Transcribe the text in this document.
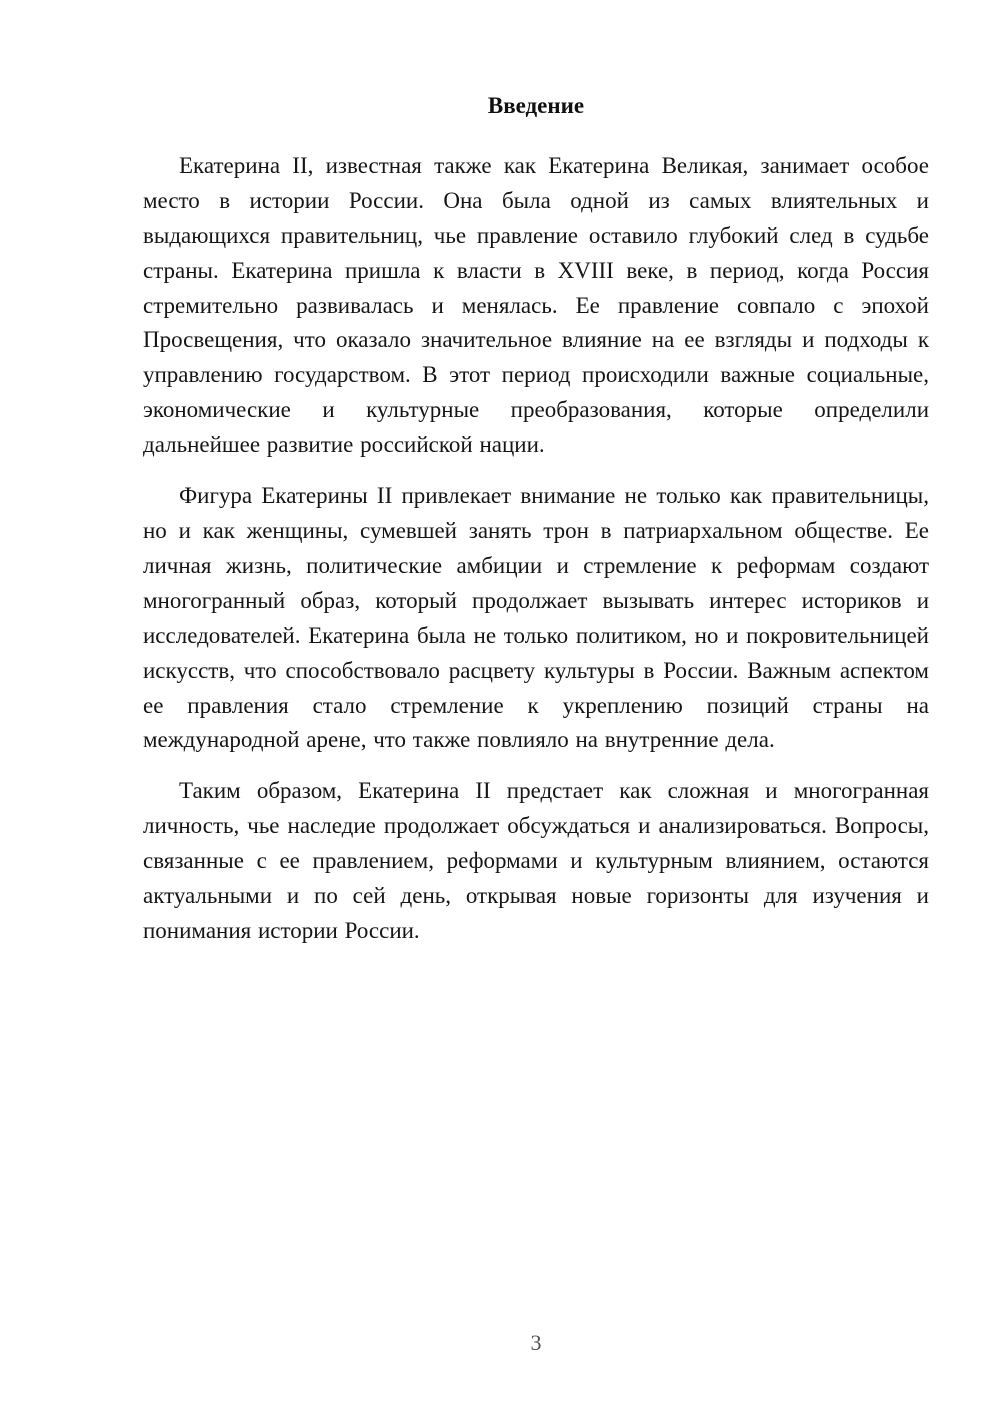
Введение

Екатерина II, известная также как Екатерина Великая, занимает особое место в истории России. Она была одной из самых влиятельных и выдающихся правительниц, чье правление оставило глубокий след в судьбе страны. Екатерина пришла к власти в XVIII веке, в период, когда Россия стремительно развивалась и менялась. Ее правление совпало с эпохой Просвещения, что оказало значительное влияние на ее взгляды и подходы к управлению государством. В этот период происходили важные социальные, экономические и культурные преобразования, которые определили дальнейшее развитие российской нации.

Фигура Екатерины II привлекает внимание не только как правительницы, но и как женщины, сумевшей занять трон в патриархальном обществе. Ее личная жизнь, политические амбиции и стремление к реформам создают многогранный образ, который продолжает вызывать интерес историков и исследователей. Екатерина была не только политиком, но и покровительницей искусств, что способствовало расцвету культуры в России. Важным аспектом ее правления стало стремление к укреплению позиций страны на международной арене, что также повлияло на внутренние дела.

Таким образом, Екатерина II предстает как сложная и многогранная личность, чье наследие продолжает обсуждаться и анализироваться. Вопросы, связанные с ее правлением, реформами и культурным влиянием, остаются актуальными и по сей день, открывая новые горизонты для изучения и понимания истории России.

3
